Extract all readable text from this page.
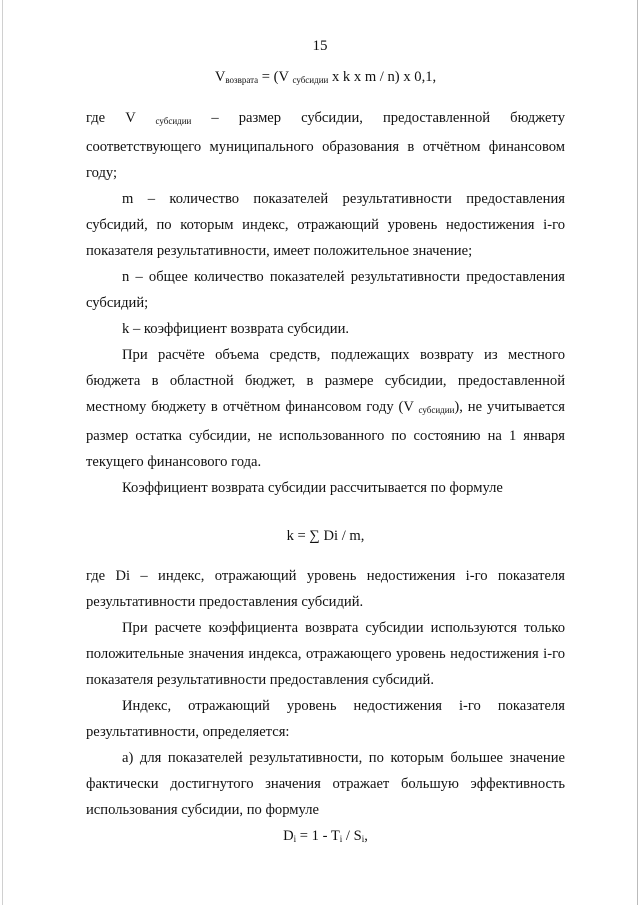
15

$V_{возврата} = (V$ $_{субсидии}$ x k x m / n) x 0,1,

где V $_{субсидии}$ – размер субсидии, предоставленной бюджету соответствующего муниципального образования в отчётном финансовом году;

m – количество показателей результативности предоставления субсидий, по которым индекс, отражающий уровень недостижения i-го показателя результативности, имеет положительное значение;

n – общее количество показателей результативности предоставления субсидий;

k – коэффициент возврата субсидии.

При расчёте объема средств, подлежащих возврату из местного бюджета в областной бюджет, в размере субсидии, предоставленной местному бюджету в отчётном финансовом году (V $_{субсидии}$), не учитывается размер остатка субсидии, не использованного по состоянию на 1 января текущего финансового года.

Коэффициент возврата субсидии рассчитывается по формуле

k = ∑ Di / m,

где Di – индекс, отражающий уровень недостижения i-го показателя результативности предоставления субсидий.

При расчете коэффициента возврата субсидии используются только положительные значения индекса, отражающего уровень недостижения i-го показателя результативности предоставления субсидий.

Индекс, отражающий уровень недостижения i-го показателя результативности, определяется:

а) для показателей результативности, по которым большее значение фактически достигнутого значения отражает большую эффективность использования субсидии, по формуле

$D_i = 1 - T_i / S_i$,
